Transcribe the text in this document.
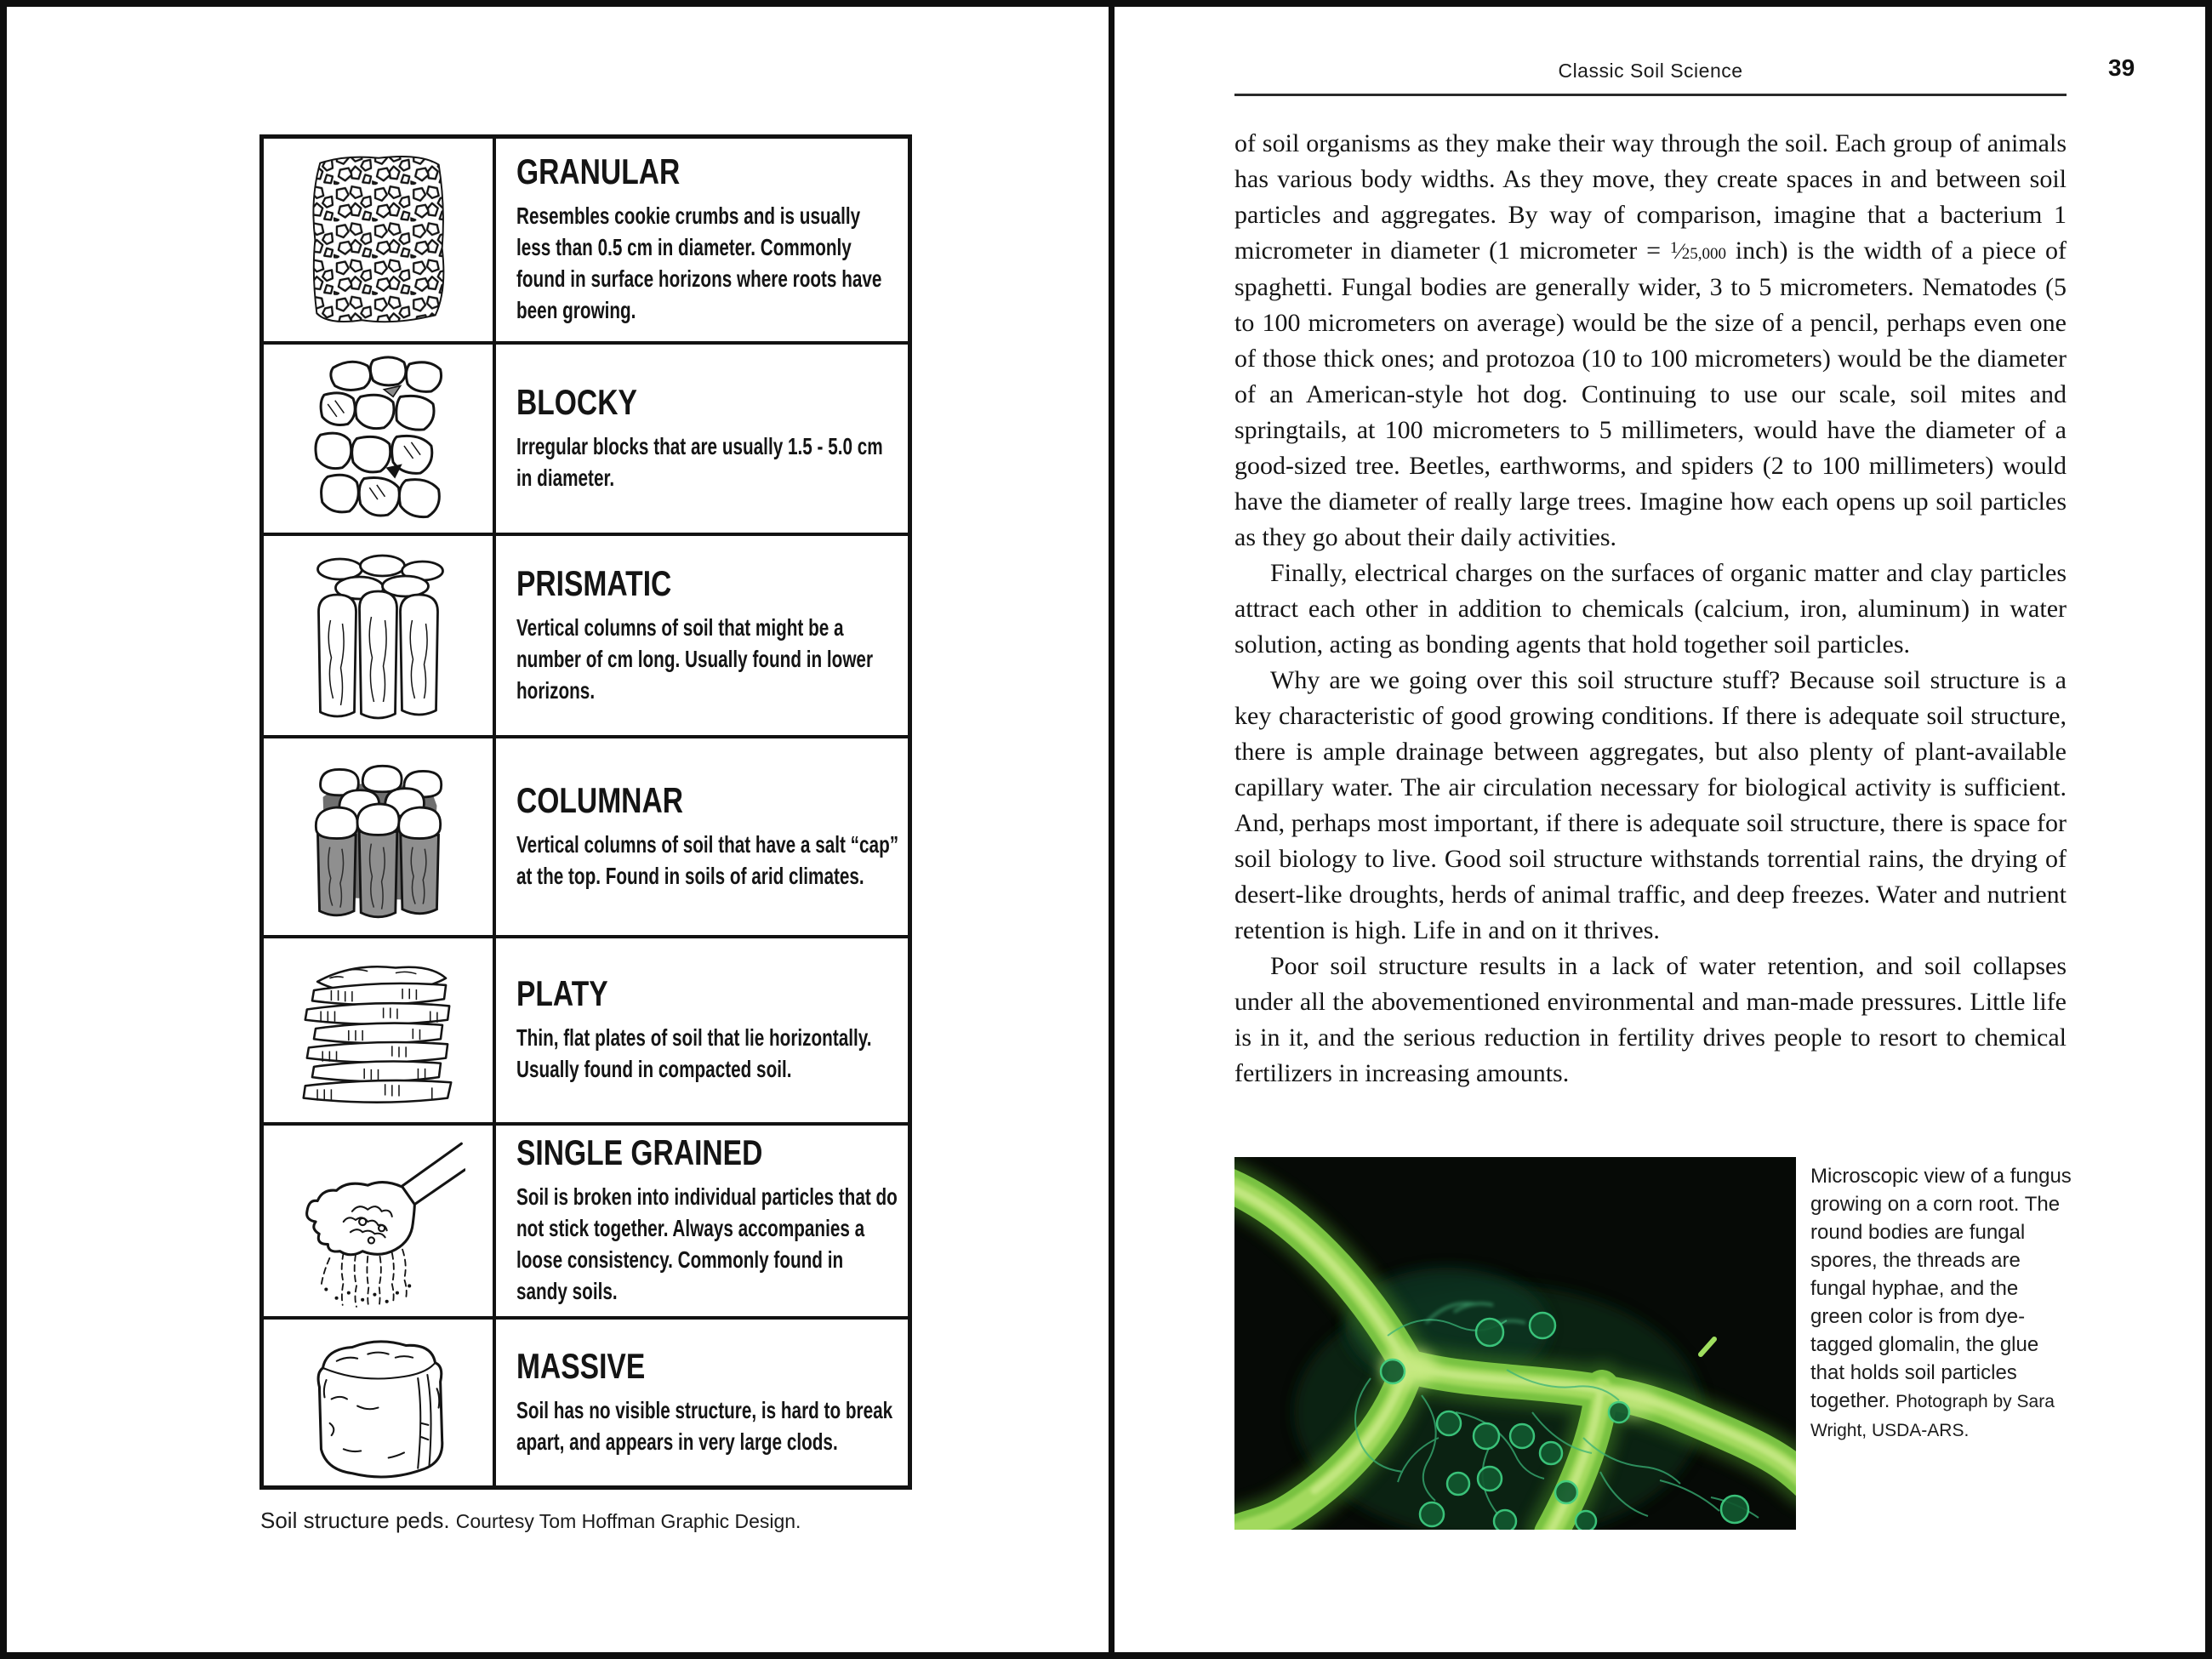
GRANULAR
Resembles cookie crumbs and is usually less than 0.5 cm in diameter. Commonly found in surface horizons where roots have been growing.
BLOCKY
Irregular blocks that are usually 1.5 - 5.0 cm in diameter.
PRISMATIC
Vertical columns of soil that might be a number of cm long. Usually found in lower horizons.
COLUMNAR
Vertical columns of soil that have a salt “cap” at the top. Found in soils of arid climates.
PLATY
Thin, flat plates of soil that lie horizontally. Usually found in compacted soil.
SINGLE GRAINED
Soil is broken into individual particles that do not stick together. Always accompanies a loose consistency. Commonly found in sandy soils.
MASSIVE
Soil has no visible structure, is hard to break apart, and appears in very large clods.
Soil structure peds. Courtesy Tom Hoffman Graphic Design.
Classic Soil Science	39

of soil organisms as they make their way through the soil. Each group of animals has various body widths. As they move, they create spaces in and between soil particles and aggregates. By way of comparison, imagine that a bacterium 1 micrometer in diameter (1 micrometer = $^1$⁄25,000 inch) is the width of a piece of spaghetti. Fungal bodies are generally wider, 3 to 5 micrometers. Nematodes (5 to 100 micrometers on average) would be the size of a pencil, perhaps even one of those thick ones; and protozoa (10 to 100 micrometers) would be the diameter of an American-style hot dog. Continuing to use our scale, soil mites and springtails, at 100 micrometers to 5 millimeters, would have the diameter of a good-sized tree. Beetles, earthworms, and spiders (2 to 100 millimeters) would have the diameter of really large trees. Imagine how each opens up soil particles as they go about their daily activities.

Finally, electrical charges on the surfaces of organic matter and clay particles attract each other in addition to chemicals (calcium, iron, aluminum) in water solution, acting as bonding agents that hold together soil particles.

Why are we going over this soil structure stuff? Because soil structure is a key characteristic of good growing conditions. If there is adequate soil structure, there is ample drainage between aggregates, but also plenty of plant-available capillary water. The air circulation necessary for biological activity is sufficient. And, perhaps most important, if there is adequate soil structure, there is space for soil biology to live. Good soil structure withstands torrential rains, the drying of desert-like droughts, herds of animal traffic, and deep freezes. Water and nutrient retention is high. Life in and on it thrives.

Poor soil structure results in a lack of water retention, and soil collapses under all the abovementioned environmental and man-made pressures. Little life is in it, and the serious reduction in fertility drives people to resort to chemical fertilizers in increasing amounts.

Microscopic view of a fungus growing on a corn root. The round bodies are fungal spores, the threads are fungal hyphae, and the green color is from dye-tagged glomalin, the glue that holds soil particles together. Photograph by Sara Wright, USDA-ARS.
